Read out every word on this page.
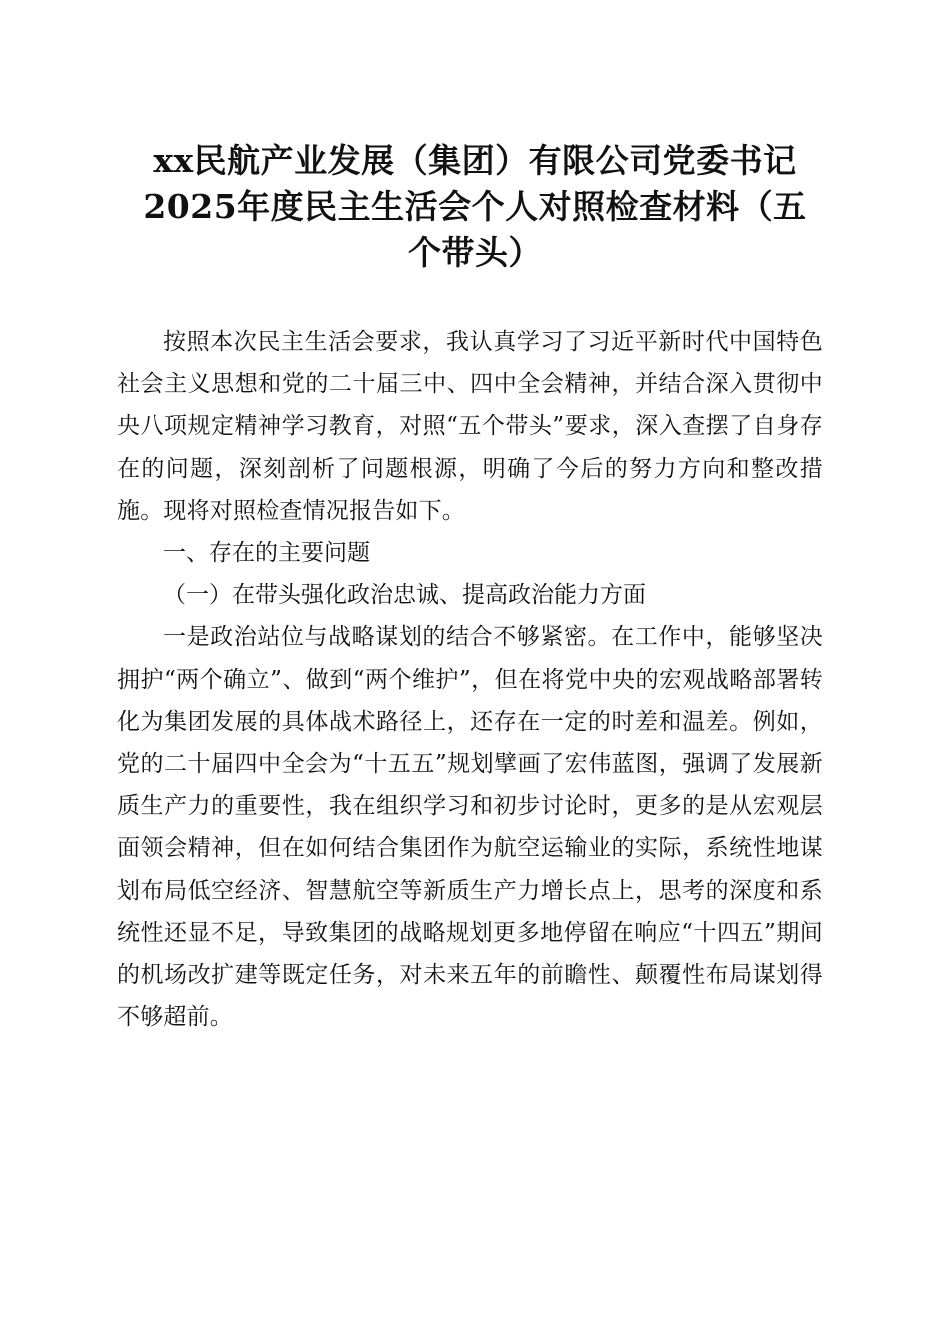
xx民航产业发展（集团）有限公司党委书记
2025年度民主生活会个人对照检查材料（五
个带头）

按照本次民主生活会要求，我认真学习了习近平新时代中国特色社会主义思想和党的二十届三中、四中全会精神，并结合深入贯彻中央八项规定精神学习教育，对照“五个带头”要求，深入查摆了自身存在的问题，深刻剖析了问题根源，明确了今后的努力方向和整改措施。现将对照检查情况报告如下。

一、存在的主要问题

（一）在带头强化政治忠诚、提高政治能力方面

一是政治站位与战略谋划的结合不够紧密。在工作中，能够坚决拥护“两个确立”、做到“两个维护”，但在将党中央的宏观战略部署转化为集团发展的具体战术路径上，还存在一定的时差和温差。例如，党的二十届四中全会为“十五五”规划擘画了宏伟蓝图，强调了发展新质生产力的重要性，我在组织学习和初步讨论时，更多的是从宏观层面领会精神，但在如何结合集团作为航空运输业的实际，系统性地谋划布局低空经济、智慧航空等新质生产力增长点上，思考的深度和系统性还显不足，导致集团的战略规划更多地停留在响应“十四五”期间的机场改扩建等既定任务，对未来五年的前瞻性、颠覆性布局谋划得不够超前。
